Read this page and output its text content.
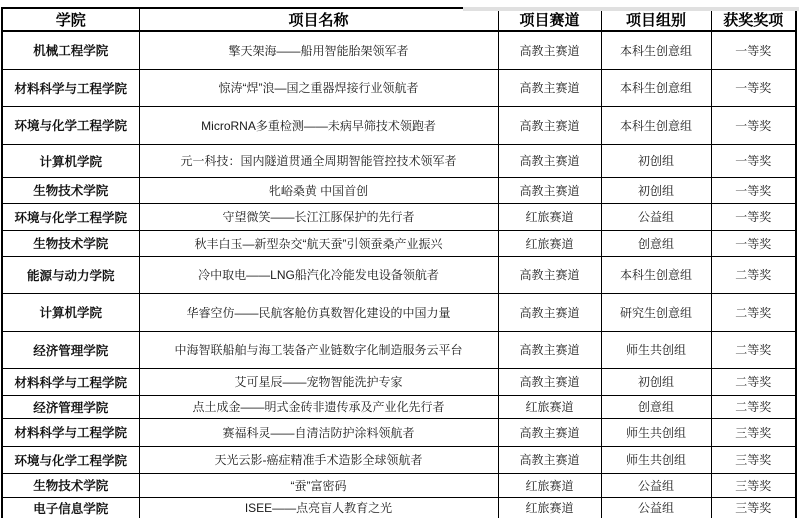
学院	项目名称	项目赛道	项目组别	获奖奖项
机械工程学院	擎天架海——船用智能胎架领军者	高教主赛道	本科生创意组	一等奖
材料科学与工程学院	惊涛“焊”浪—国之重器焊接行业领航者	高教主赛道	本科生创意组	一等奖
环境与化学工程学院	MicroRNA多重检测——未病早筛技术领跑者	高教主赛道	本科生创意组	一等奖
计算机学院	元一科技：国内隧道贯通全周期智能管控技术领军者	高教主赛道	初创组	一等奖
生物技术学院	牝峪桑黄 中国首创	高教主赛道	初创组	一等奖
环境与化学工程学院	守望微笑——长江江豚保护的先行者	红旅赛道	公益组	一等奖
生物技术学院	秋丰白玉—新型杂交“航天蚕”引领蚕桑产业振兴	红旅赛道	创意组	一等奖
能源与动力学院	冷中取电——LNG船汽化冷能发电设备领航者	高教主赛道	本科生创意组	二等奖
计算机学院	华睿空仿——民航客舱仿真数智化建设的中国力量	高教主赛道	研究生创意组	二等奖
经济管理学院	中海智联船舶与海工装备产业链数字化制造服务云平台	高教主赛道	师生共创组	二等奖
材料科学与工程学院	艾可星辰——宠物智能洗护专家	高教主赛道	初创组	二等奖
经济管理学院	点土成金——明式金砖非遗传承及产业化先行者	红旅赛道	创意组	二等奖
材料科学与工程学院	赛福科灵——自清洁防护涂料领航者	高教主赛道	师生共创组	三等奖
环境与化学工程学院	天光云影-癌症精准手术造影全球领航者	高教主赛道	师生共创组	三等奖
生物技术学院	“蚕”富密码	红旅赛道	公益组	三等奖
电子信息学院	ISEE——点亮盲人教育之光	红旅赛道	公益组	三等奖
